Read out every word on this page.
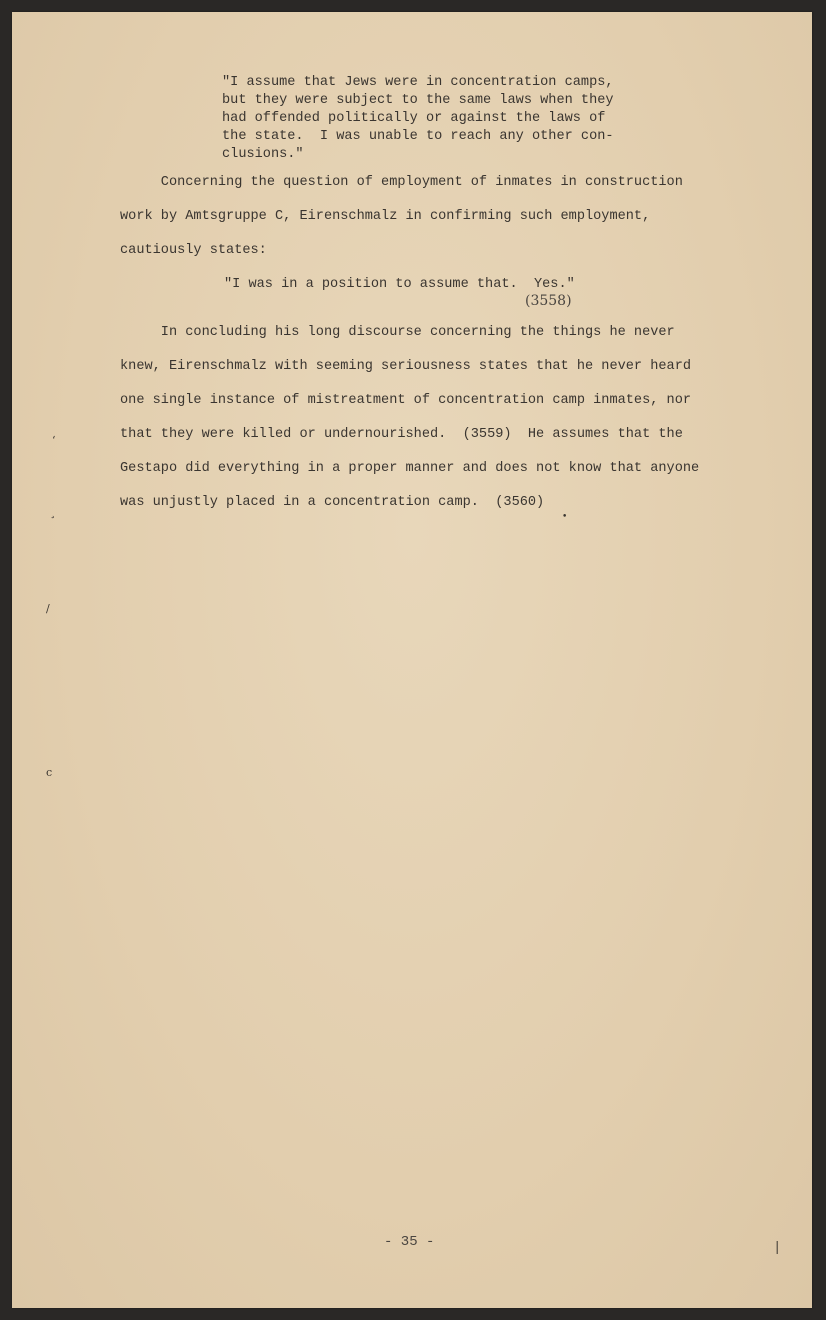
"I assume that Jews were in concentration camps,
but they were subject to the same laws when they
had offended politically or against the laws of
the state.  I was unable to reach any other con-
clusions."
Concerning the question of employment of inmates in construction
work by Amtsgruppe C, Eirenschmalz in confirming such employment,
cautiously states:
"I was in a position to assume that.  Yes."
(3558)
In concluding his long discourse concerning the things he never
knew, Eirenschmalz with seeming seriousness states that he never heard
one single instance of mistreatment of concentration camp inmates, nor
that they were killed or undernourished.  (3559)  He assumes that the
Gestapo did everything in a proper manner and does not know that anyone
was unjustly placed in a concentration camp.  (3560)
‘
¸
/
c
•
|
- 35 -
